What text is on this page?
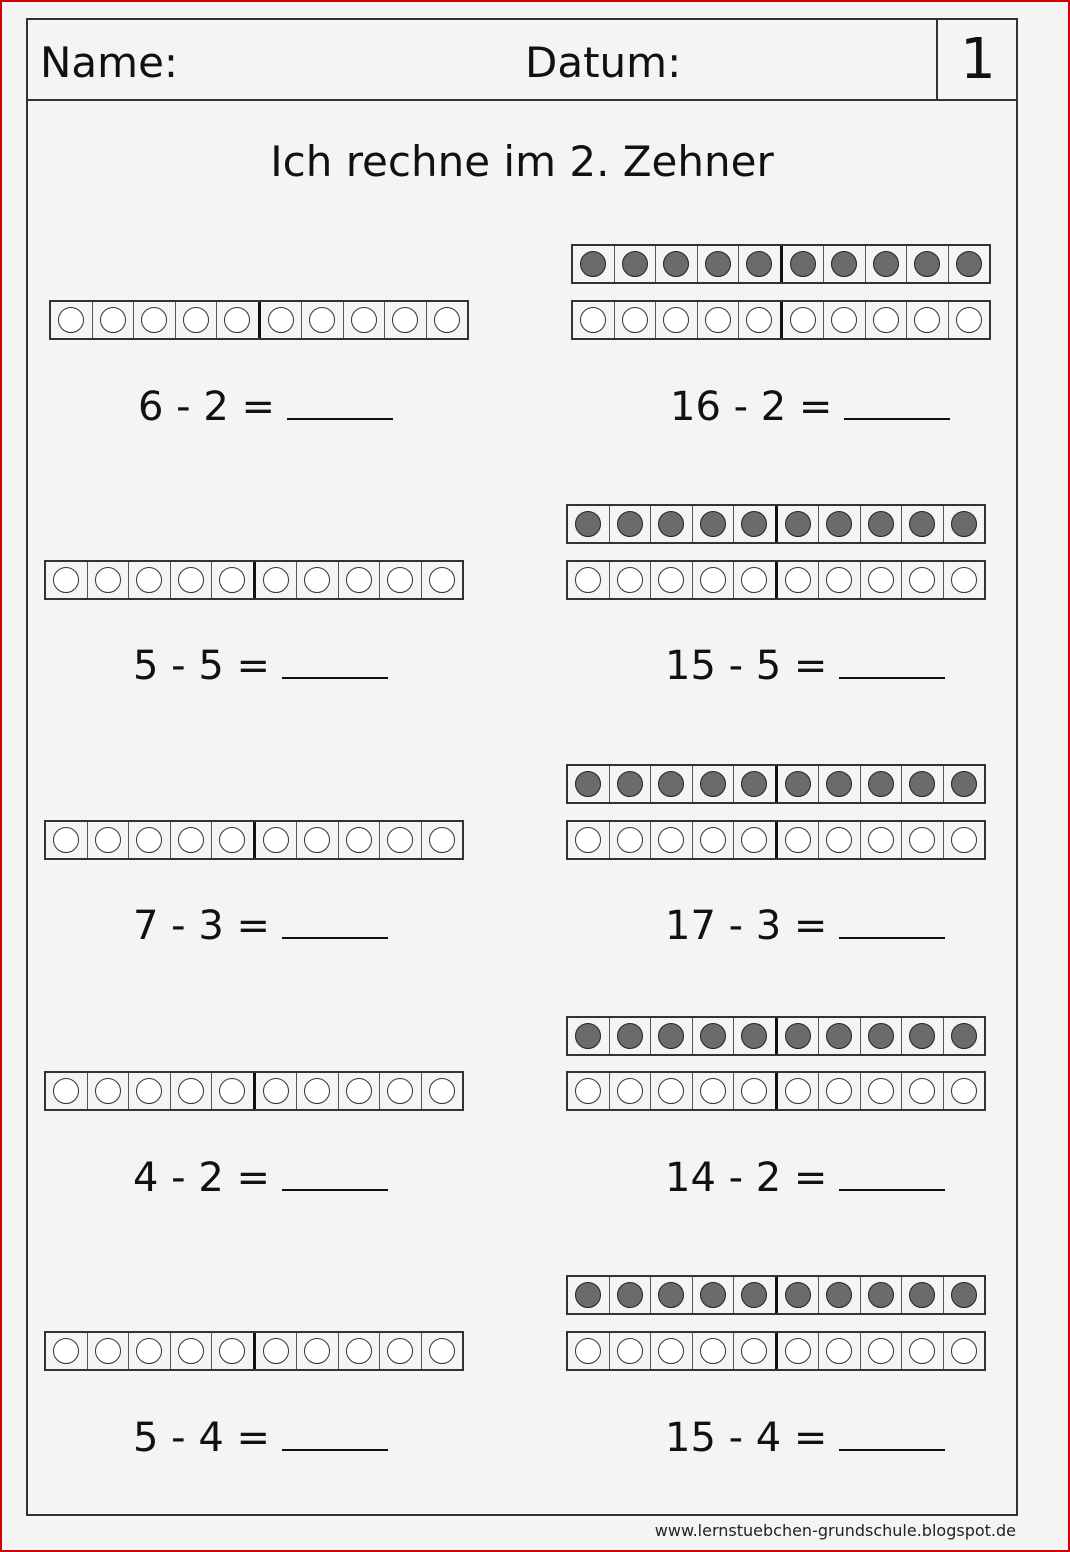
Name:	Datum:	1
Ich rechne im 2. Zehner
6 - 2 =
5 - 5 =
7 - 3 =
4 - 2 =
5 - 4 =
16 - 2 =
15 - 5 =
17 - 3 =
14 - 2 =
15 - 4 =
www.lernstuebchen-grundschule.blogspot.de
